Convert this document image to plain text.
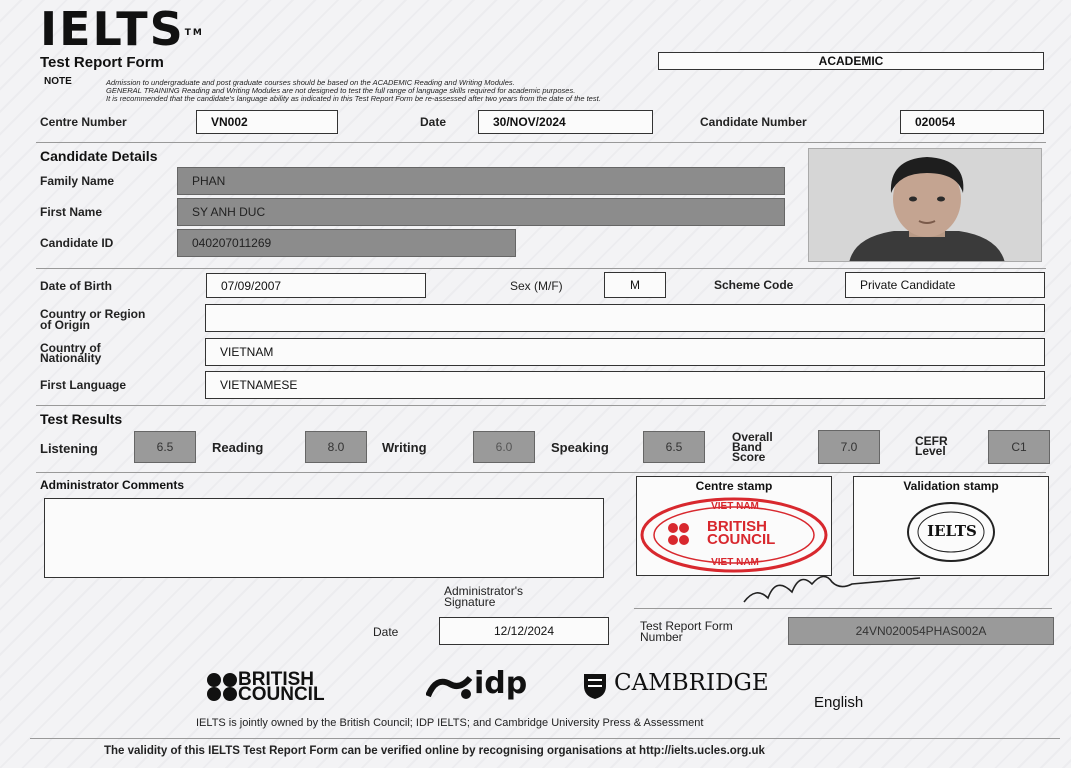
IELTS™
Test Report Form	ACADEMIC
NOTE	Admission to undergraduate and post graduate courses should be based on the ACADEMIC Reading and Writing Modules.
GENERAL TRAINING Reading and Writing Modules are not designed to test the full range of language skills required for academic purposes.
It is recommended that the candidate's language ability as indicated in this Test Report Form be re-assessed after two years from the date of the test.
Centre Number	VN002	Date	30/NOV/2024	Candidate Number	020054
Candidate Details
Family Name	PHAN
First Name	SY ANH DUC
Candidate ID	040207011269
Date of Birth	07/09/2007	Sex (M/F)	M	Scheme Code	Private Candidate
Country or Region
of Origin
Country of
Nationality	VIETNAM
First Language	VIETNAMESE
Test Results
Listening	6.5	Reading	8.0	Writing	6.0	Speaking	6.5
Overall
Band
Score
7.0	CEFR
Level	C1
Administrator Comments	Centre stamp
VIET NAM
BRITISH
COUNCIL
VIET NAM
Validation stamp
IELTS
Administrator's
Signature
Date	12/12/2024	Test Report Form
Number	24VN020054PHAS002A
BRITISH
COUNCIL	idp	CAMBRIDGE
English
IELTS is jointly owned by the British Council; IDP IELTS; and Cambridge University Press & Assessment
The validity of this IELTS Test Report Form can be verified online by recognising organisations at http://ielts.ucles.org.uk
